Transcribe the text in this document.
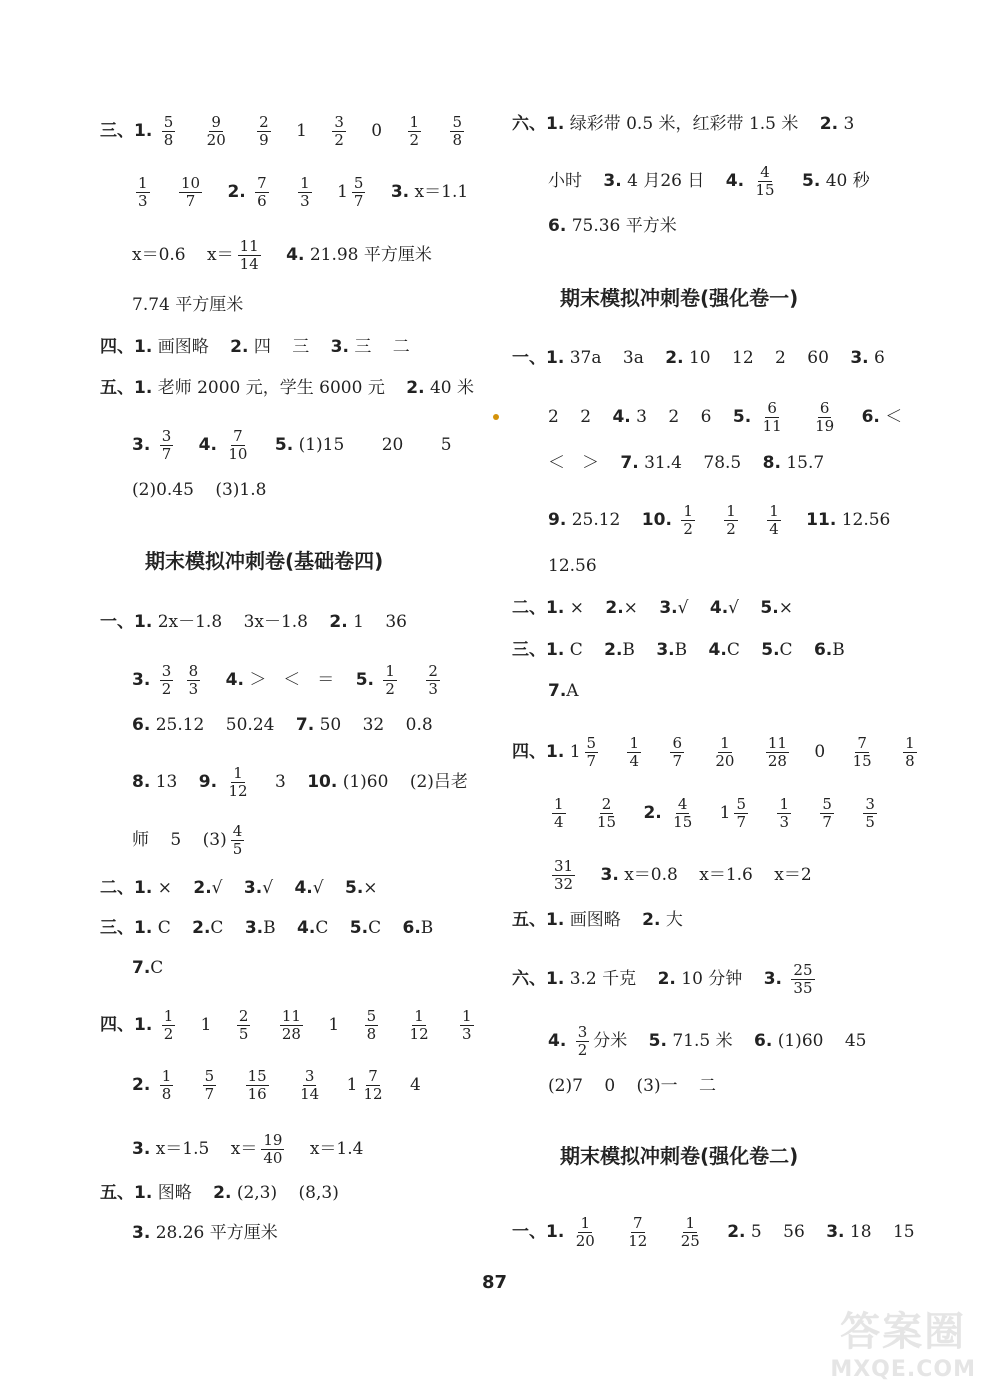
三、1. $\frac{5}{8}$
$\frac{9}{20}$
$\frac{2}{9} 1 \frac{3}{2} 0 \frac{1}{2}$
$\frac{5}{8}$
$\frac{1}{3}$
$\frac{10}{7} 2$. $\frac{7}{6}$
$\frac{1}{3} 1 \frac{5}{7} 3$. x＝1.1
x＝0.6 $x= \frac{11}{14} 4$. 21.98 平方厘米
7.74 平方厘米
四、1. 画图略 2. 四 三 3. 三 二
五、1. 老师 2000 元，学生 6000 元 2. 40 米
3. $\frac{3}{7} 4$. $\frac{7}{10} 5$. (1)15 20 5
(2)0.45 (3)1.8
期末模拟冲刺卷(基础卷四)
一、1. 2x－1.8 3x－1.8 2. 1 36
3. $\frac{3}{2}$
$\frac{8}{3} 4$. ＞　＜　＝ 5. $\frac{1}{2}$
$\frac{2}{3}$
6. 25.12 50.24 7. 50 32 0.8
8. 13 9. $\frac{1}{12} 3$ 10. (1)60 (2)吕老
师 5 $(3) \frac{4}{5}$
二、1. × 2.√ 3.√ 4.√ 5.×
三、1. C 2.C 3.B 4.C 5.C 6.B
7.C
四、1. $\frac{1}{2} 1 \frac{2}{5}$
$\frac{11}{28} 1 \frac{5}{8}$
$\frac{1}{12}$
$\frac{1}{3}$
2. $\frac{1}{8}$
$\frac{5}{7}$
$\frac{15}{16}$
$\frac{3}{14} 1 \frac{7}{12} 4$
3. x＝1.5 $x= \frac{19}{40} x=1.4$
五、1. 图略 2. (2,3) (8,3)
3. 28.26 平方厘米
六、1. 绿彩带 0.5 米，红彩带 1.5 米 2. 3
小时 3. 4 月26 日 4. $\frac{4}{15} 5$. 40 秒
6. 75.36 平方米
期末模拟冲刺卷(强化卷一)
一、1. 37a 3a 2. 10 12 2 60 3. 6
2 2 4. 3 2 6 5. $\frac{6}{11}$
$\frac{6}{19} 6$. ＜
＜　＞ 7. 31.4 78.5 8. 15.7
9. 25.12 10. $\frac{1}{2}$
$\frac{1}{2}$
$\frac{1}{4} 11$. 12.56
12.56
二、1. × 2.× 3.√ 4.√ 5.×
三、1. C 2.B 3.B 4.C 5.C 6.B
7.A
四、1. $1 \frac{5}{7}$
$\frac{1}{4}$
$\frac{6}{7}$
$\frac{1}{20}$
$\frac{11}{28} 0 \frac{7}{15}$
$\frac{1}{8}$
$\frac{1}{4}$
$\frac{2}{15} 2$. $\frac{4}{15} 1 \frac{5}{7}$
$\frac{1}{3}$
$\frac{5}{7}$
$\frac{3}{5}$
$\frac{31}{32} 3$. x＝0.8 x＝1.6 x＝2
五、1. 画图略 2. 大
六、1. 3.2 千克 2. 10 分钟 3. $\frac{25}{35}$
4. $\frac{3}{2}$ 分米 5. 71.5 米 6. (1)60 45
(2)7 0 (3)一 二
期末模拟冲刺卷(强化卷二)
一、1. $\frac{1}{20}$
$\frac{7}{12}$
$\frac{1}{25} 2$. 5 56 3. 18 15
87
答案圈
MXQE.COM
